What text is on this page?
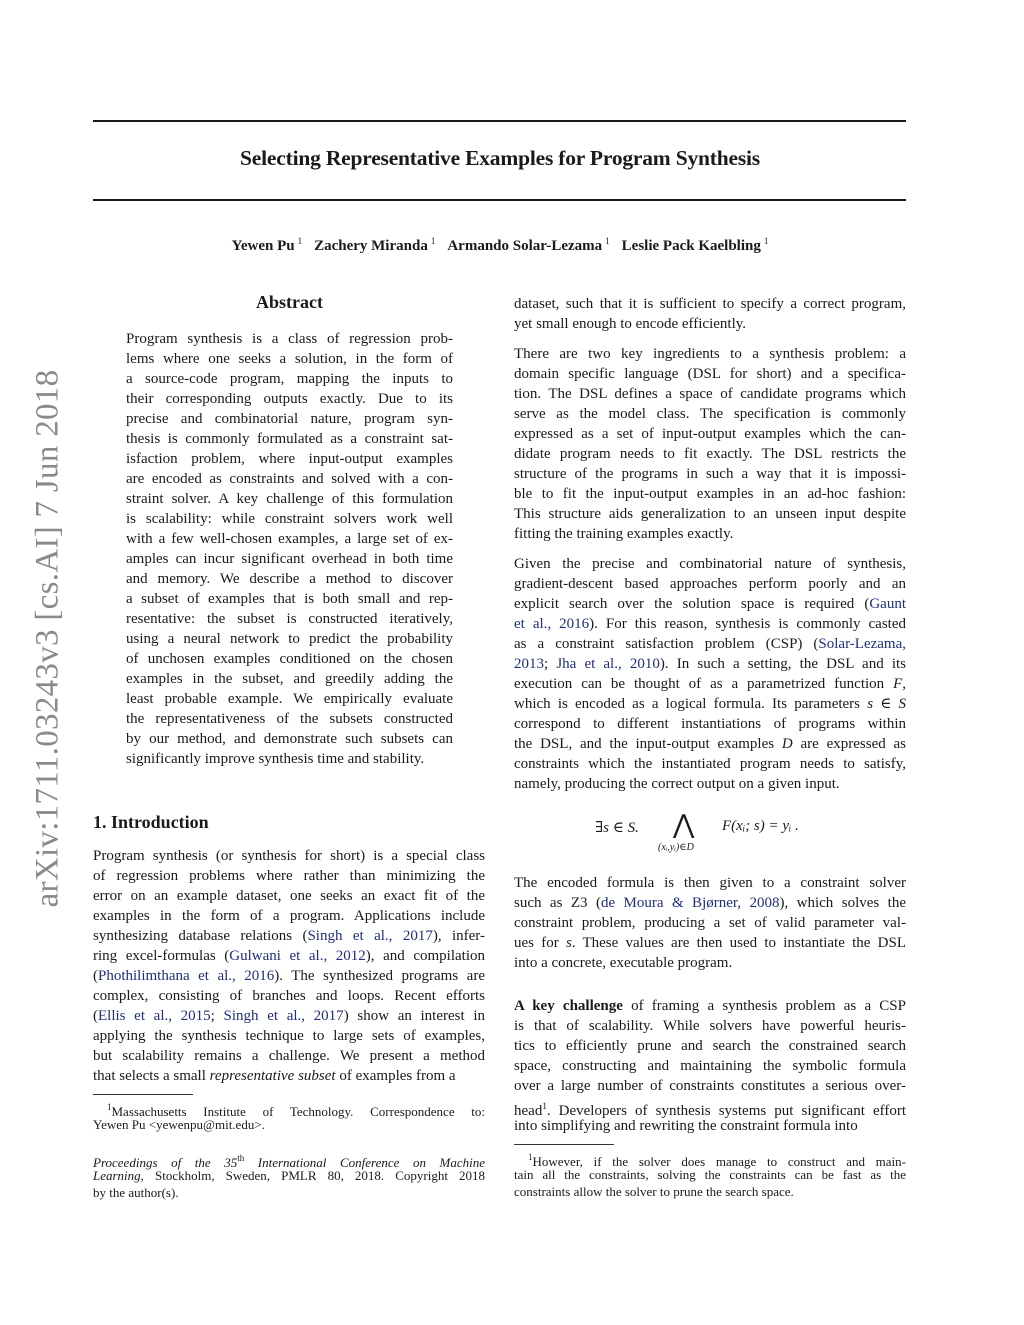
Selecting Representative Examples for Program Synthesis
Yewen Pu $^1$ Zachery Miranda $^1$ Armando Solar-Lezama $^1$ Leslie Pack Kaelbling $^1$
arXiv:1711.03243v3 [cs.AI] 7 Jun 2018
Abstract
Program synthesis is a class of regression prob-
lems where one seeks a solution, in the form of
a source-code program, mapping the inputs to
their corresponding outputs exactly. Due to its
precise and combinatorial nature, program syn-
thesis is commonly formulated as a constraint sat-
isfaction problem, where input-output examples
are encoded as constraints and solved with a con-
straint solver. A key challenge of this formulation
is scalability: while constraint solvers work well
with a few well-chosen examples, a large set of ex-
amples can incur significant overhead in both time
and memory. We describe a method to discover
a subset of examples that is both small and rep-
resentative: the subset is constructed iteratively,
using a neural network to predict the probability
of unchosen examples conditioned on the chosen
examples in the subset, and greedily adding the
least probable example. We empirically evaluate
the representativeness of the subsets constructed
by our method, and demonstrate such subsets can
significantly improve synthesis time and stability.
1. Introduction
Program synthesis (or synthesis for short) is a special class
of regression problems where rather than minimizing the
error on an example dataset, one seeks an exact fit of the
examples in the form of a program. Applications include
synthesizing database relations (Singh et al., 2017), infer-
ring excel-formulas (Gulwani et al., 2012), and compilation
(Phothilimthana et al., 2016). The synthesized programs are
complex, consisting of branches and loops. Recent efforts
(Ellis et al., 2015; Singh et al., 2017) show an interest in
applying the synthesis technique to large sets of examples,
but scalability remains a challenge. We present a method
that selects a small representative subset of examples from a
$^1$Massachusetts Institute of Technology. Correspondence to:
Yewen Pu <yewenpu@mit.edu>.
Proceedings of the 35th International Conference on Machine
Learning, Stockholm, Sweden, PMLR 80, 2018. Copyright 2018
by the author(s).
dataset, such that it is sufficient to specify a correct program,
yet small enough to encode efficiently.
There are two key ingredients to a synthesis problem: a
domain specific language (DSL for short) and a specifica-
tion. The DSL defines a space of candidate programs which
serve as the model class. The specification is commonly
expressed as a set of input-output examples which the can-
didate program needs to fit exactly. The DSL restricts the
structure of the programs in such a way that it is impossi-
ble to fit the input-output examples in an ad-hoc fashion:
This structure aids generalization to an unseen input despite
fitting the training examples exactly.
Given the precise and combinatorial nature of synthesis,
gradient-descent based approaches perform poorly and an
explicit search over the solution space is required (Gaunt
et al., 2016). For this reason, synthesis is commonly casted
as a constraint satisfaction problem (CSP) (Solar-Lezama,
2013; Jha et al., 2010). In such a setting, the DSL and its
execution can be thought of as a parametrized function F,
which is encoded as a logical formula. Its parameters s ∈ S
correspond to different instantiations of programs within
the DSL, and the input-output examples D are expressed as
constraints which the instantiated program needs to satisfy,
namely, producing the correct output on a given input.
∃s ∈ S. ⋀
(xᵢ,yᵢ)∈D
F(xᵢ; s) = yᵢ .
The encoded formula is then given to a constraint solver
such as Z3 (de Moura & Bjørner, 2008), which solves the
constraint problem, producing a set of valid parameter val-
ues for s. These values are then used to instantiate the DSL
into a concrete, executable program.
A key challenge of framing a synthesis problem as a CSP
is that of scalability. While solvers have powerful heuris-
tics to efficiently prune and search the constrained search
space, constructing and maintaining the symbolic formula
over a large number of constraints constitutes a serious over-
head$^1$. Developers of synthesis systems put significant effort
into simplifying and rewriting the constraint formula into
$^1$However, if the solver does manage to construct and main-
tain all the constraints, solving the constraints can be fast as the
constraints allow the solver to prune the search space.
